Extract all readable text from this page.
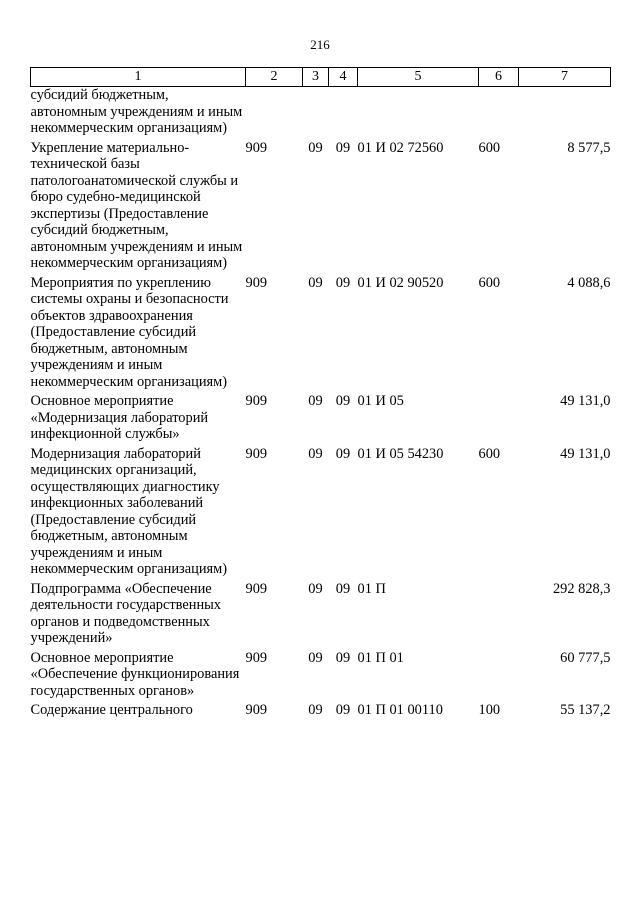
216
1	2	3	4	5	6	7
субсидий бюджетным, автономным учреждениям и иным некоммерческим организациям)						
Укрепление материально-технической базы патологоанатомической службы и бюро судебно-медицинской экспертизы (Предоставление субсидий бюджетным, автономным учреждениям и иным некоммерческим организациям)	909	09	09	01 И 02 72560	600	8 577,5
Мероприятия по укреплению системы охраны и безопасности объектов здравоохранения (Предоставление субсидий бюджетным, автономным учреждениям и иным некоммерческим организациям)	909	09	09	01 И 02 90520	600	4 088,6
Основное мероприятие «Модернизация лабораторий инфекционной службы»	909	09	09	01 И 05		49 131,0
Модернизация лабораторий медицинских организаций, осуществляющих диагностику инфекционных заболеваний (Предоставление субсидий бюджетным, автономным учреждениям и иным некоммерческим организациям)	909	09	09	01 И 05 54230	600	49 131,0
Подпрограмма «Обеспечение деятельности государственных органов и подведомственных учреждений»	909	09	09	01 П		292 828,3
Основное мероприятие «Обеспечение функционирования государственных органов»	909	09	09	01 П 01		60 777,5
Содержание центрального	909	09	09	01 П 01 00110	100	55 137,2
